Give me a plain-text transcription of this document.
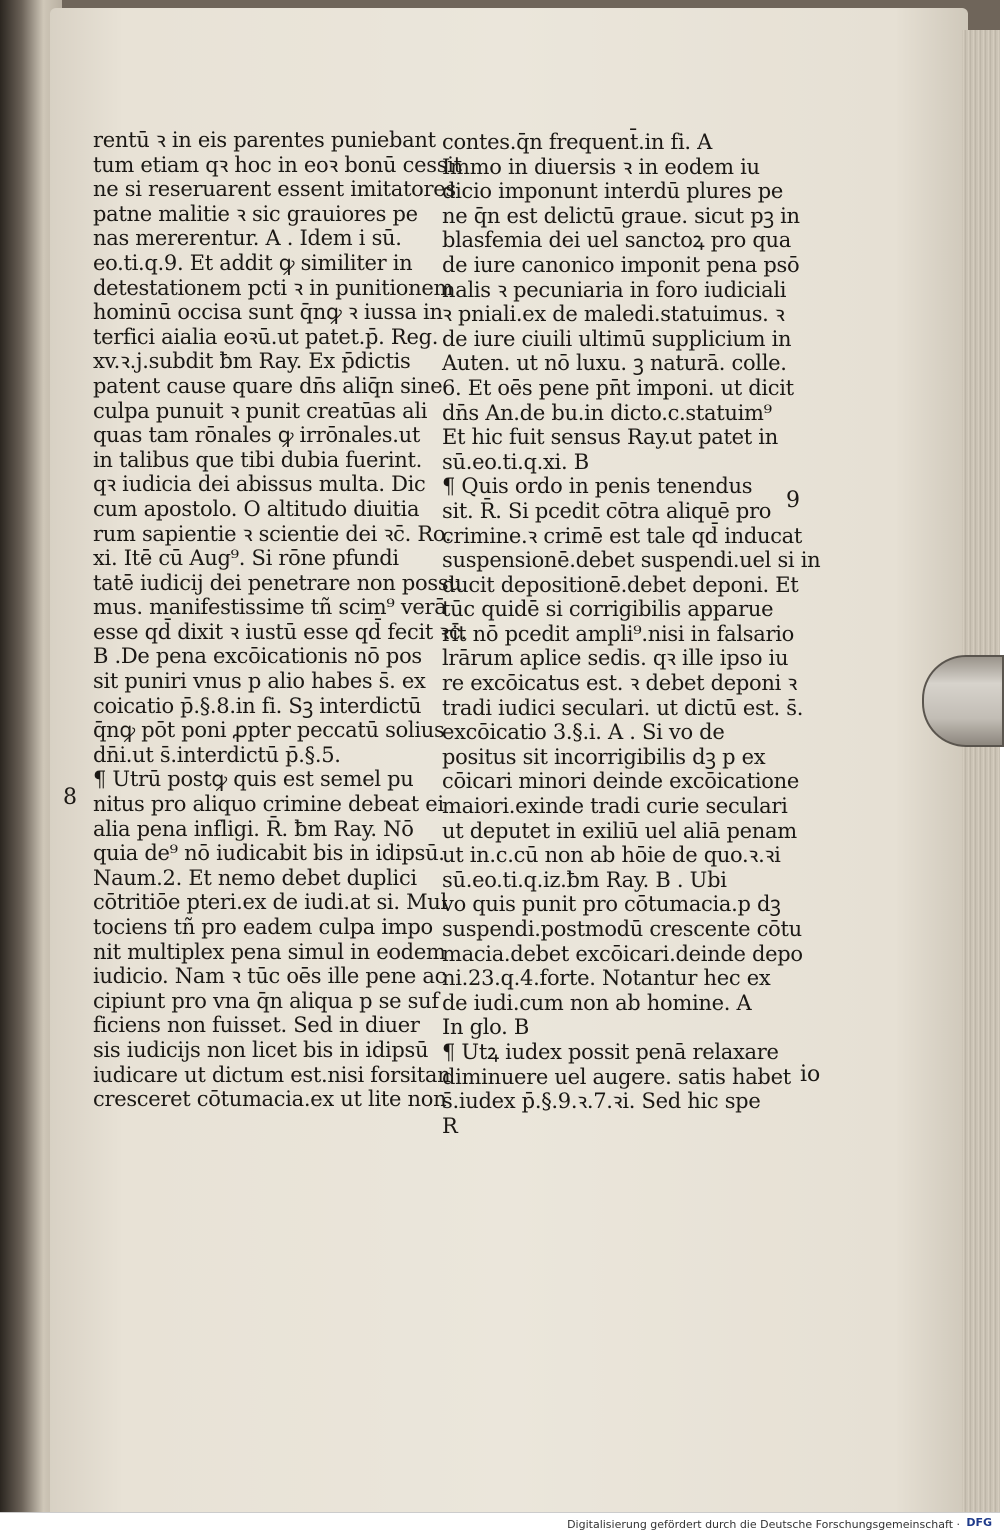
rentū ꝛ in eis parentes puniebant
tum etiam qꝛ hoc in eoꝛ bonū cessit
ne si reseruarent essent imitatores
patne malitie ꝛ sic grauiores pe
nas mererentur. A . Idem i sū.
eo.ti.q.9. Et addit ꝙ similiter in
detestationem pcti ꝛ in punitionem
hominū occisa sunt q̄nꝙ ꝛ iussa in
terfici aialia eoꝛū.ut patet.p̄. Reg.
xv.ꝛ.j.subdit ƀm Ray. Ex p̄dictis
patent cause quare dn̄s aliq̄n sine
culpa punuit ꝛ punit creatūas ali
quas tam rōnales ꝙ irrōnales.ut
in talibus que tibi dubia fuerint.
qꝛ iudicia dei abissus multa. Dic
cum apostolo. O altitudo diuitia
rum sapientie ꝛ scientie dei ꝛc̄. Ro.
xi. Itē cū Aug⁹. Si rōne pfundi
tatē iudicij dei penetrare non possu
mus. manifestissime tñ scim⁹ verā
esse qd̄ dixit ꝛ iustū esse qd̄ fecit ꝛc̄.
B .De pena excōicationis nō pos
sit puniri vnus p alio habes s̄. ex
coicatio p̄.§.8.in fi. Sꝫ interdictū
q̄nꝙ pōt poni ꝓpter peccatū solius
dn̄i.ut s̄.interdictū p̄.§.5.
¶ Utrū postꝙ quis est semel pu
nitus pro aliquo crimine debeat ei
alia pena infligi. R̄. ƀm Ray. Nō
quia de⁹ nō iudicabit bis in idipsū.
Naum.2. Et nemo debet duplici
cōtritiōe pteri.ex de iudi.at si. Mul
tociens tñ pro eadem culpa impo
nit multiplex pena simul in eodem
iudicio. Nam ꝛ tūc oēs ille pene ac
cipiunt pro vna q̄n aliqua p se suf
ficiens non fuisset. Sed in diuer
sis iudicijs non licet bis in idipsū
iudicare ut dictum est.nisi forsitan
cresceret cōtumacia.ex ut lite non
contes.q̄n frequent̄.in fi. A
Immo in diuersis ꝛ in eodem iu
dicio imponunt interdū plures pe
ne q̄n est delictū graue. sicut pꝫ in
blasfemia dei uel sanctoꝝ pro qua
de iure canonico imponit pena psō
nalis ꝛ pecuniaria in foro iudiciali
ꝛ pniali.ex de maledi.statuimus. ꝛ
de iure ciuili ultimū supplicium in
Auten. ut nō luxu. ꝫ naturā. colle.
6. Et oēs pene pn̄t imponi. ut dicit
dn̄s An.de bu.in dicto.c.statuim⁹
Et hic fuit sensus Ray.ut patet in
sū.eo.ti.q.xi. B
¶ Quis ordo in penis tenendus
sit. R̄. Si pcedit cōtra aliquē pro
crimine.ꝛ crimē est tale qd̄ inducat
suspensionē.debet suspendi.uel si in
ducit depositionē.debet deponi. Et
tūc quidē si corrigibilis apparue
rit nō pcedit ampli⁹.nisi in falsario
lrārum aplice sedis. qꝛ ille ipso iu
re excōicatus est. ꝛ debet deponi ꝛ
tradi iudici seculari. ut dictū est. s̄.
excōicatio 3.§.i. A . Si vo de
positus sit incorrigibilis dꝫ p ex
cōicari minori deinde excōicatione
maiori.exinde tradi curie seculari
ut deputet in exiliū uel aliā penam
ut in.c.cū non ab hōie de quo.ꝛ.ꝛi
sū.eo.ti.q.iz.ƀm Ray. B . Ubi
vo quis punit pro cōtumacia.p dꝫ
suspendi.postmodū crescente cōtu
macia.debet excōicari.deinde depo
ni.23.q.4.forte. Notantur hec ex
de iudi.cum non ab homine. A
In glo. B
¶ Utꝝ iudex possit penā relaxare
diminuere uel augere. satis habet
s̄.iudex p̄.§.9.ꝛ.7.ꝛi. Sed hic spe
R
8
9
io
Digitalisierung gefördert durch die Deutsche Forschungsgemeinschaft · DFG
